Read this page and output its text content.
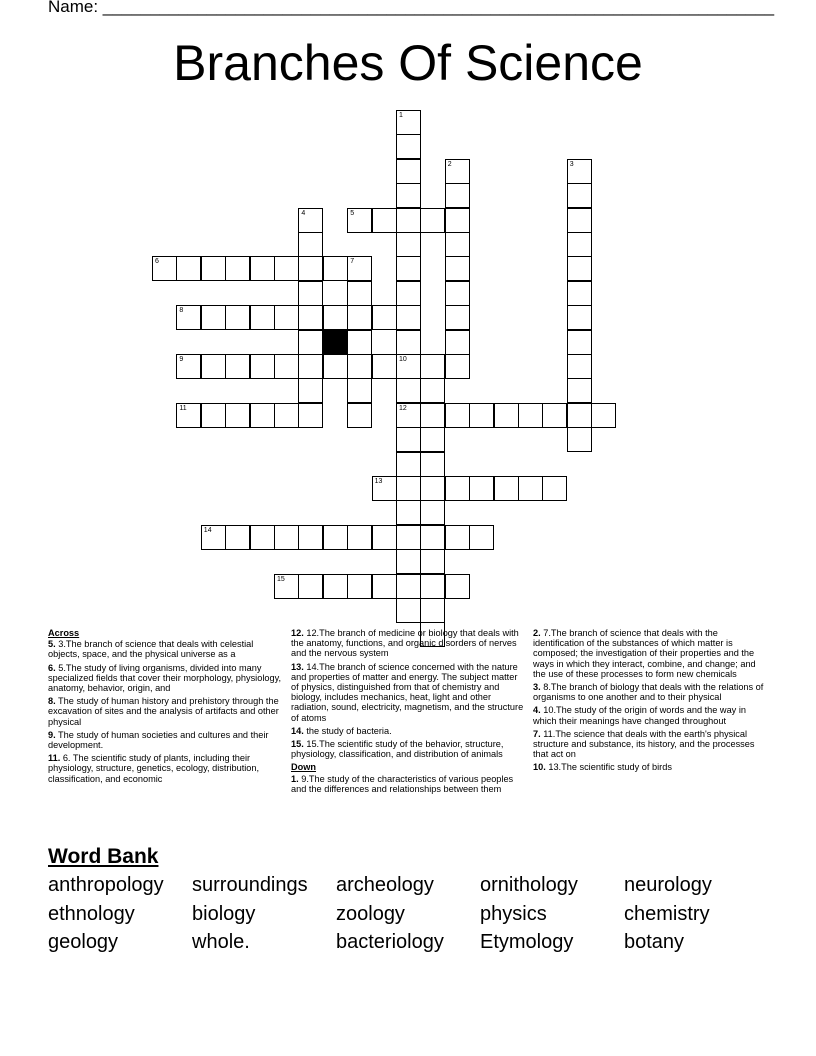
Name: _______________________________________________________________________
Branches Of Science
1
2	3
4	5
6	7
8
9	10
11	12
13
14
15
Across
5. 3.The branch of science that deals with celestial objects, space, and the physical universe as a
6. 5.The study of living organisms, divided into many specialized fields that cover their morphology, physiology, anatomy, behavior, origin, and
8. The study of human history and prehistory through the excavation of sites and the analysis of artifacts and other physical
9. The study of human societies and cultures and their development.
11. 6. The scientific study of plants, including their physiology, structure, genetics, ecology, distribution, classification, and economic
12. 12.The branch of medicine or biology that deals with the anatomy, functions, and organic disorders of nerves and the nervous system
13. 14.The branch of science concerned with the nature and properties of matter and energy. The subject matter of physics, distinguished from that of chemistry and biology, includes mechanics, heat, light and other radiation, sound, electricity, magnetism, and the structure of atoms
14. the study of bacteria.
15. 15.The scientific study of the behavior, structure, physiology, classification, and distribution of animals
Down
1. 9.The study of the characteristics of various peoples and the differences and relationships between them
2. 7.The branch of science that deals with the identification of the substances of which matter is composed; the investigation of their properties and the ways in which they interact, combine, and change; and the use of these processes to form new chemicals
3. 8.The branch of biology that deals with the relations of organisms to one another and to their physical
4. 10.The study of the origin of words and the way in which their meanings have changed throughout
7. 11.The science that deals with the earth's physical structure and substance, its history, and the processes that act on
10. 13.The scientific study of birds
Word Bank
anthropology	surroundings	archeology	ornithology	neurology
ethnology	biology	zoology	physics	chemistry
geology	whole.	bacteriology	Etymology	botany
